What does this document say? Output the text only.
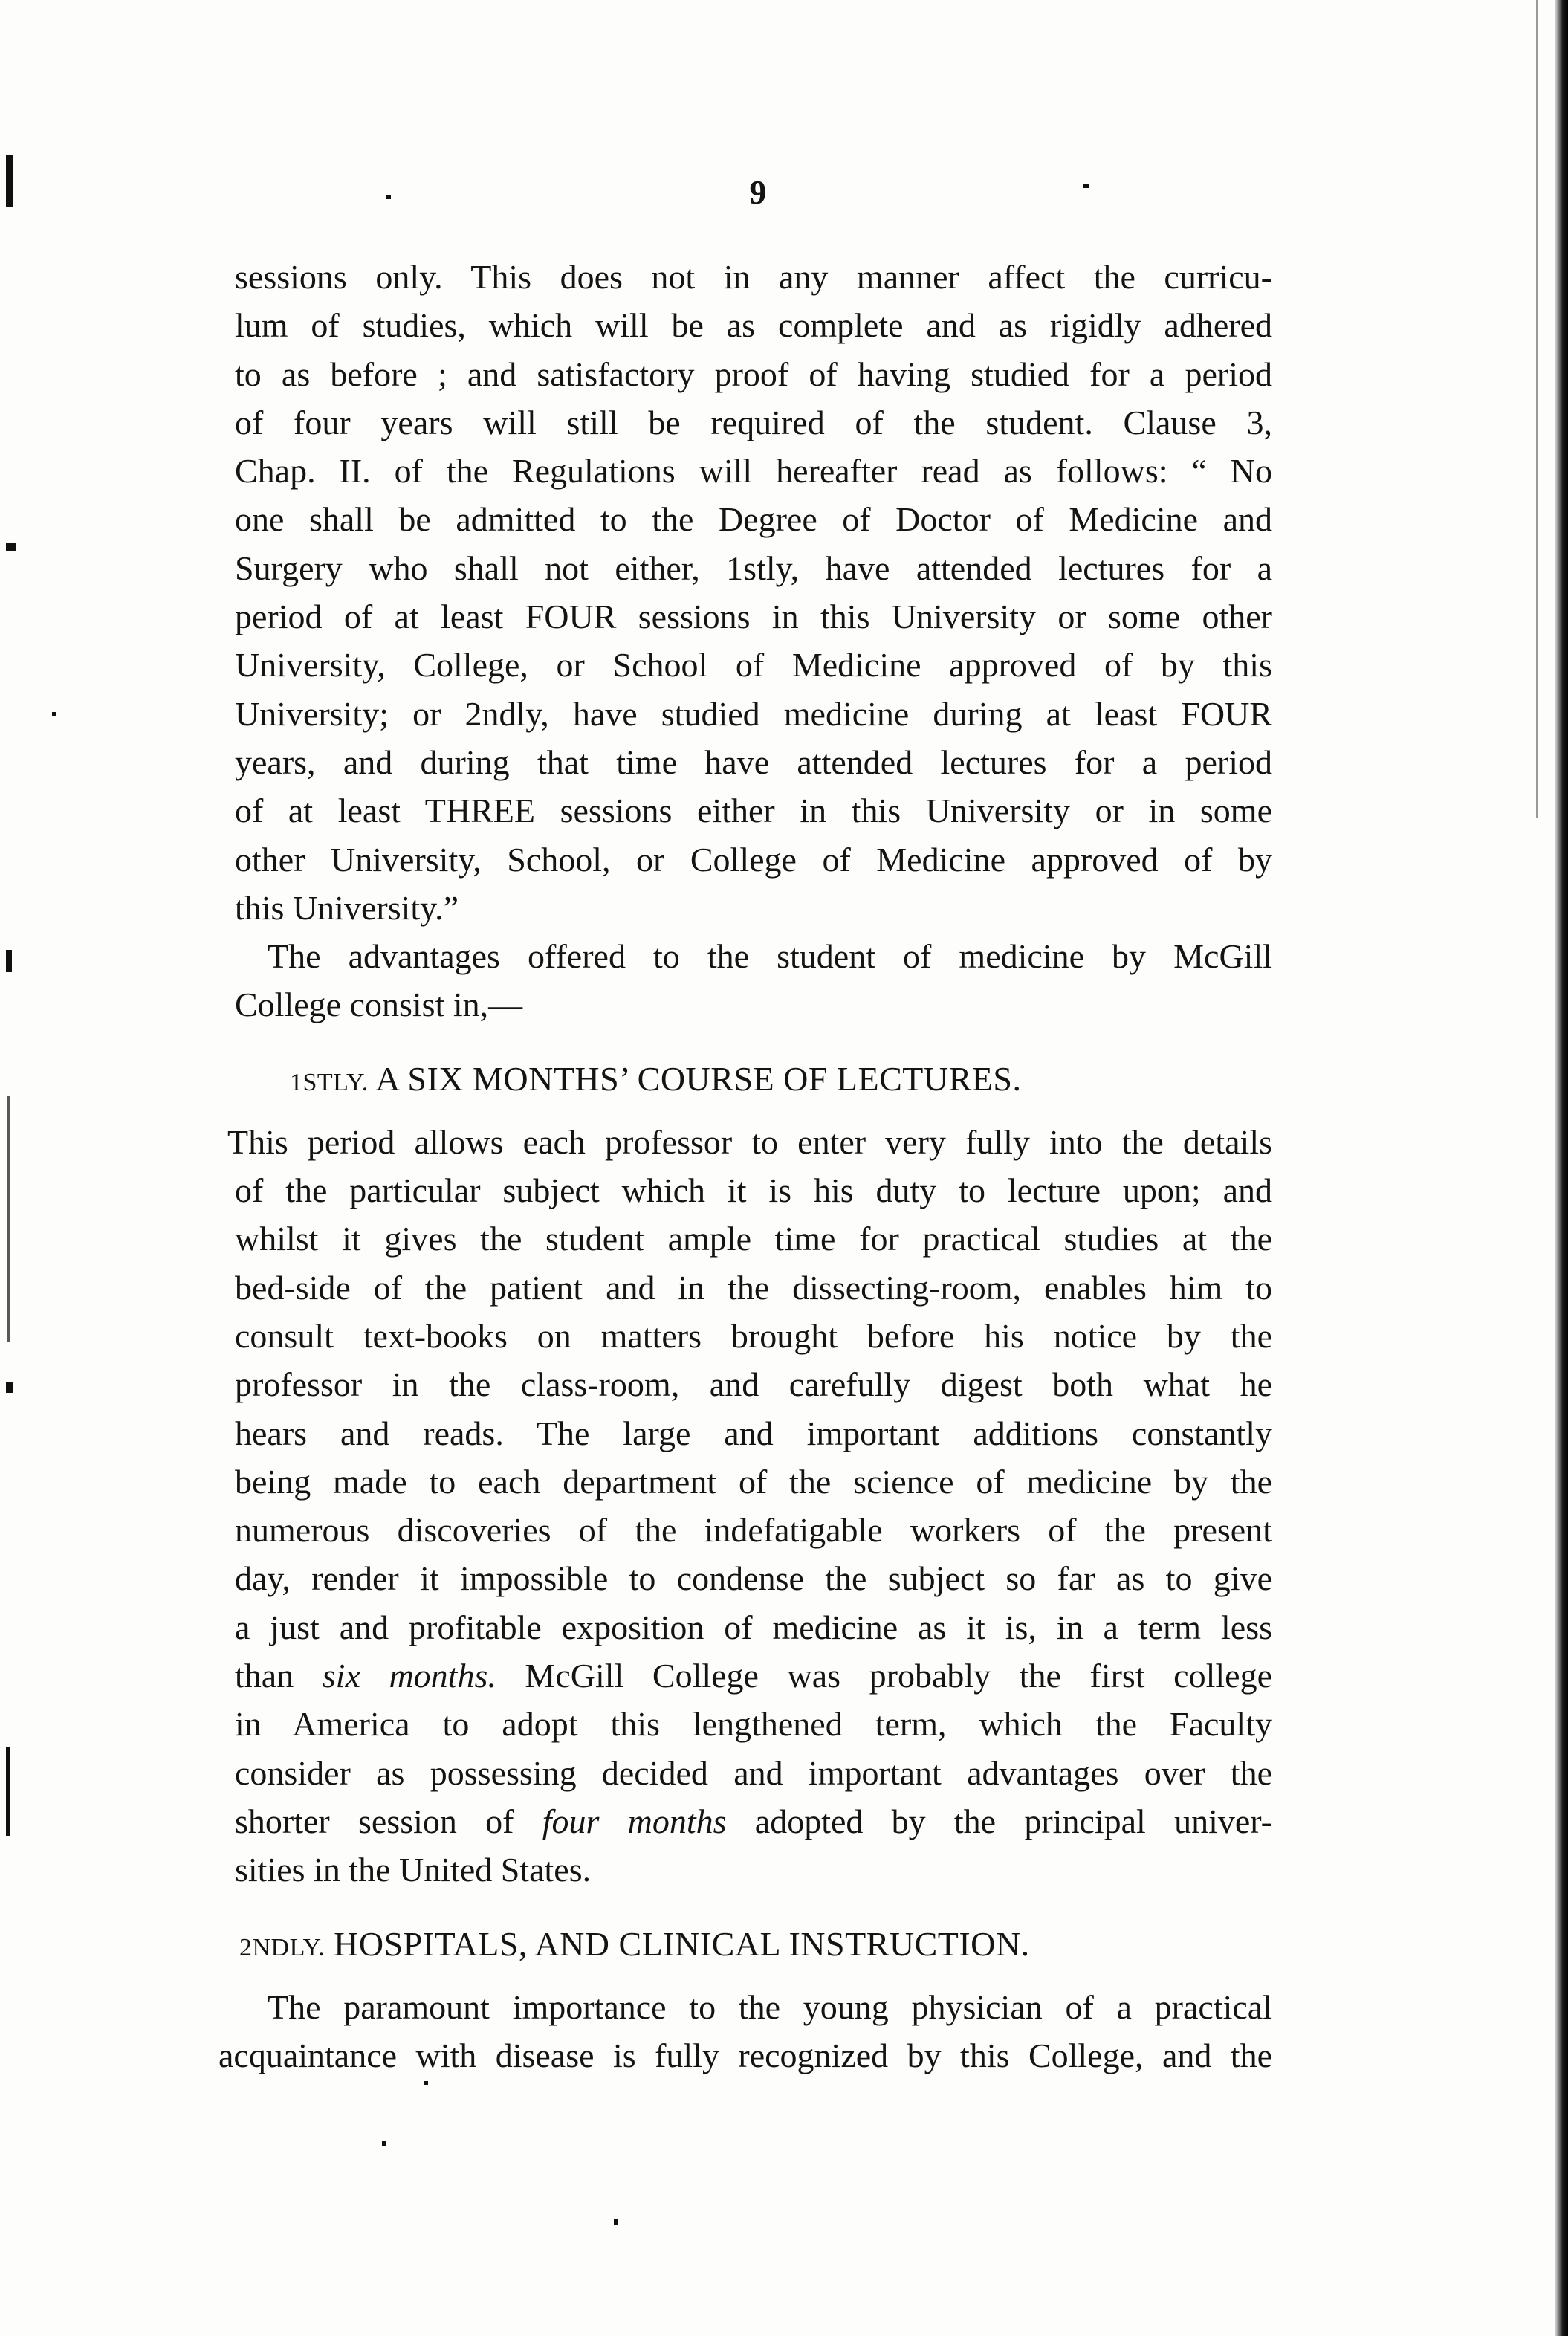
9
sessions only. This does not in any manner affect the curricu-
lum of studies, which will be as complete and as rigidly adhered
to as before ; and satisfactory proof of having studied for a period
of four years will still be required of the student. Clause 3,
Chap. II. of the Regulations will hereafter read as follows: “ No
one shall be admitted to the Degree of Doctor of Medicine and
Surgery who shall not either, 1stly, have attended lectures for a
period of at least FOUR sessions in this University or some other
University, College, or School of Medicine approved of by this
University; or 2ndly, have studied medicine during at least FOUR
years, and during that time have attended lectures for a period
of at least THREE sessions either in this University or in some
other University, School, or College of Medicine approved of by
this University.”
The advantages offered to the student of medicine by McGill
College consist in,—
1STLY. A SIX MONTHS’ COURSE OF LECTURES.
This period allows each professor to enter very fully into the details
of the particular subject which it is his duty to lecture upon; and
whilst it gives the student ample time for practical studies at the
bed-side of the patient and in the dissecting-room, enables him to
consult text-books on matters brought before his notice by the
professor in the class-room, and carefully digest both what he
hears and reads. The large and important additions constantly
being made to each department of the science of medicine by the
numerous discoveries of the indefatigable workers of the present
day, render it impossible to condense the subject so far as to give
a just and profitable exposition of medicine as it is, in a term less
than six months. McGill College was probably the first college
in America to adopt this lengthened term, which the Faculty
consider as possessing decided and important advantages over the
shorter session of four months adopted by the principal univer-
sities in the United States.
2NDLY. HOSPITALS, AND CLINICAL INSTRUCTION.
The paramount importance to the young physician of a practical
acquaintance with disease is fully recognized by this College, and the
